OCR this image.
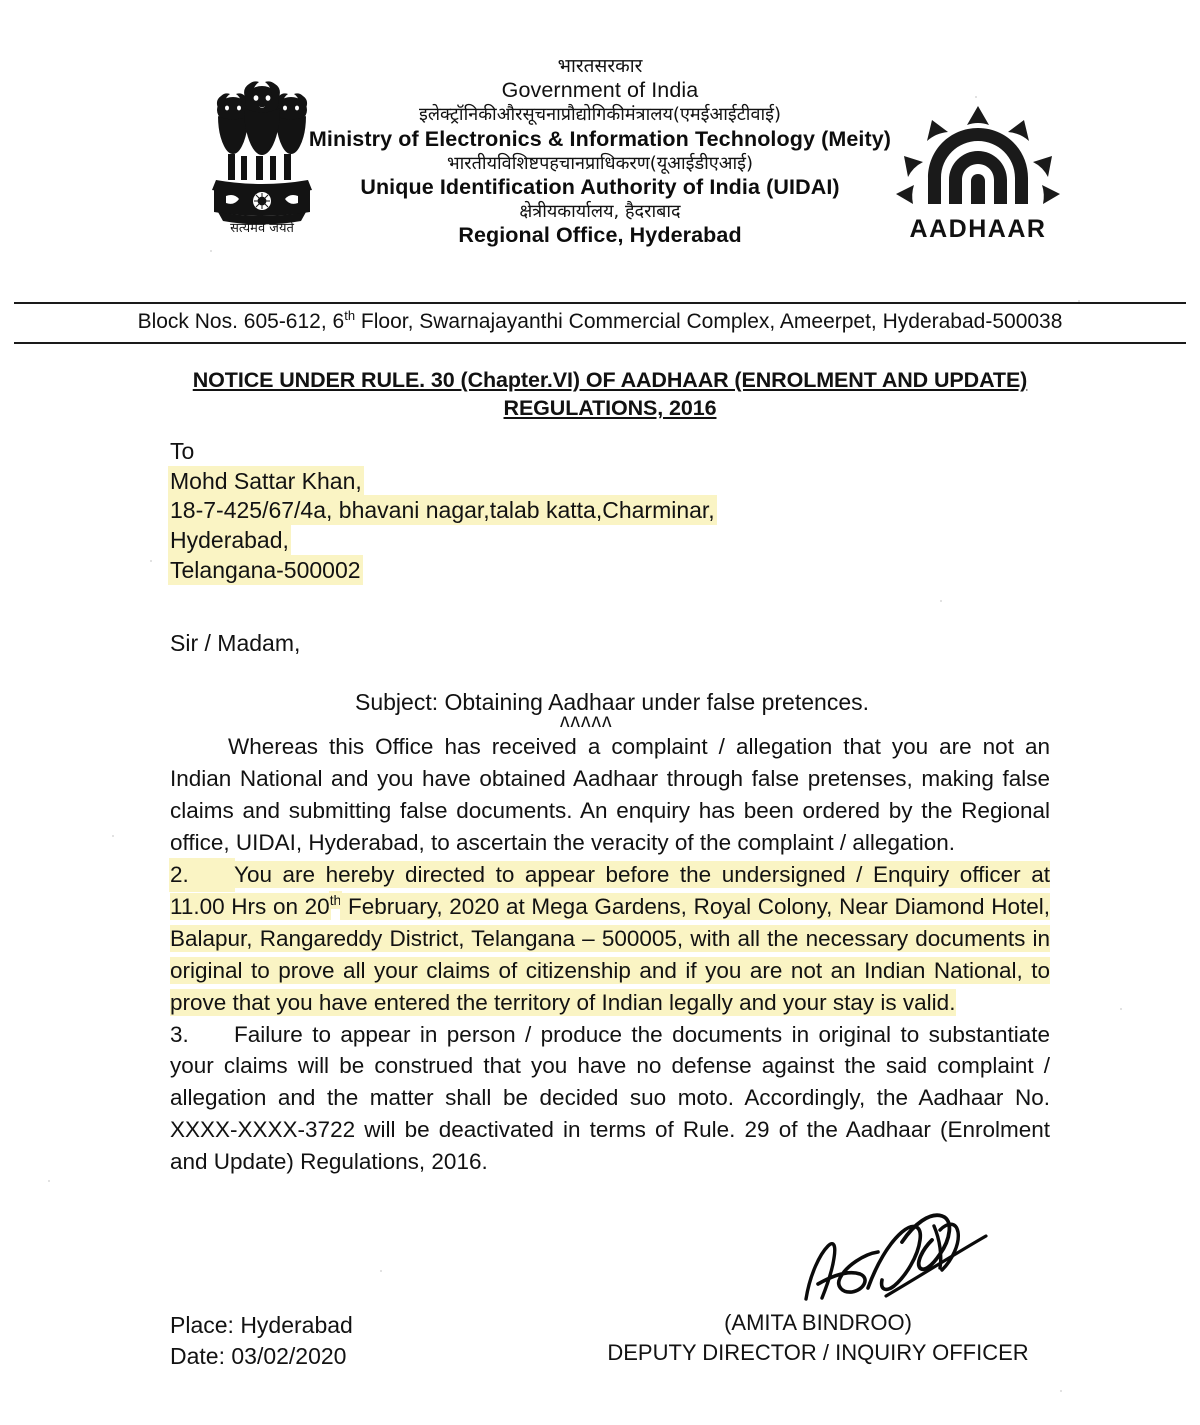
सत्यमेव जयते	AADHAAR
भारतसरकार
Government of India
इलेक्ट्रॉनिकीऔरसूचनाप्रौद्योगिकीमंत्रालय(एमईआईटीवाई)
Ministry of Electronics & Information Technology (Meity)
भारतीयविशिष्टपहचानप्राधिकरण(यूआईडीएआई)
Unique Identification Authority of India (UIDAI)
क्षेत्रीयकार्यालय, हैदराबाद
Regional Office, Hyderabad
Block Nos. 605-612, 6th Floor, Swarnajayanthi Commercial Complex, Ameerpet, Hyderabad-500038
NOTICE UNDER RULE. 30 (Chapter.VI) OF AADHAAR (ENROLMENT AND UPDATE)
REGULATIONS, 2016
To
Mohd Sattar Khan,
18-7-425/67/4a, bhavani nagar,talab katta,Charminar,
Hyderabad,
Telangana-500002
Sir / Madam,
Subject: Obtaining Aadhaar under false pretences.
ᴧᴧᴧᴧᴧ

Whereas this Office has received a complaint / allegation that you are not an Indian National and you have obtained Aadhaar through false pretenses, making false claims and submitting false documents. An enquiry has been ordered by the Regional office, UIDAI, Hyderabad, to ascertain the veracity of the complaint / allegation.

2. You are hereby directed to appear before the undersigned / Enquiry officer at 11.00 Hrs on 20th February, 2020 at Mega Gardens, Royal Colony, Near Diamond Hotel, Balapur, Rangareddy District, Telangana – 500005, with all the necessary documents in original to prove all your claims of citizenship and if you are not an Indian National, to prove that you have entered the territory of Indian legally and your stay is valid.

3. Failure to appear in person / produce the documents in original to substantiate your claims will be construed that you have no defense against the said complaint / allegation and the matter shall be decided suo moto. Accordingly, the Aadhaar No. XXXX-XXXX-3722 will be deactivated in terms of Rule. 29 of the Aadhaar (Enrolment and Update) Regulations, 2016.

Place: Hyderabad
Date: 03/02/2020
(AMITA BINDROO)
DEPUTY DIRECTOR / INQUIRY OFFICER
